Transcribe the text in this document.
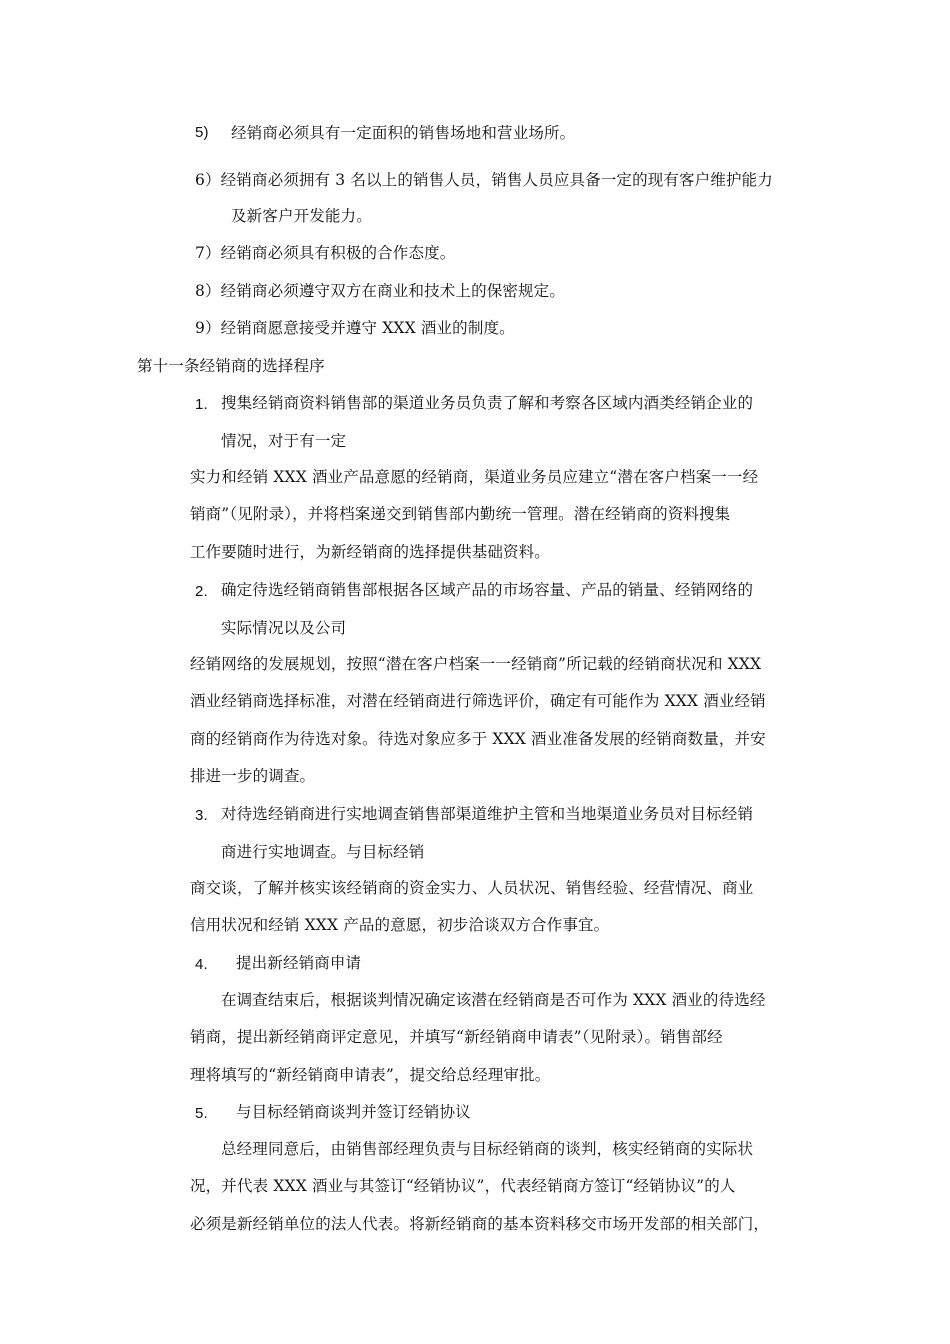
5) 经销商必须具有一定面积的销售场地和营业场所。
6）经销商必须拥有 3 名以上的销售人员，销售人员应具备一定的现有客户维护能力
及新客户开发能力。
7）经销商必须具有积极的合作态度。
8）经销商必须遵守双方在商业和技术上的保密规定。
9）经销商愿意接受并遵守 XXX 酒业的制度。
第十一条经销商的选择程序
1. 搜集经销商资料销售部的渠道业务员负责了解和考察各区域内酒类经销企业的
情况，对于有一定
实力和经销 XXX 酒业产品意愿的经销商，渠道业务员应建立“潜在客户档案一一经
销商”（见附录），并将档案递交到销售部内勤统一管理。潜在经销商的资料搜集
工作要随时进行，为新经销商的选择提供基础资料。
2. 确定待选经销商销售部根据各区域产品的市场容量、产品的销量、经销网络的
实际情况以及公司
经销网络的发展规划，按照“潜在客户档案一一经销商”所记载的经销商状况和 XXX
酒业经销商选择标准，对潜在经销商进行筛选评价，确定有可能作为 XXX 酒业经销
商的经销商作为待选对象。待选对象应多于 XXX 酒业准备发展的经销商数量，并安
排进一步的调查。
3. 对待选经销商进行实地调查销售部渠道维护主管和当地渠道业务员对目标经销
商进行实地调查。与目标经销
商交谈，了解并核实该经销商的资金实力、人员状况、销售经验、经营情况、商业
信用状况和经销 XXX 产品的意愿，初步洽谈双方合作事宜。
4. 提出新经销商申请
在调查结束后，根据谈判情况确定该潜在经销商是否可作为 XXX 酒业的待选经
销商，提出新经销商评定意见，并填写“新经销商申请表”（见附录）。销售部经
理将填写的“新经销商申请表”，提交给总经理审批。
5. 与目标经销商谈判并签订经销协议
总经理同意后，由销售部经理负责与目标经销商的谈判，核实经销商的实际状
况，并代表 XXX 酒业与其签订“经销协议”，代表经销商方签订“经销协议”的人
必须是新经销单位的法人代表。将新经销商的基本资料移交市场开发部的相关部门，
